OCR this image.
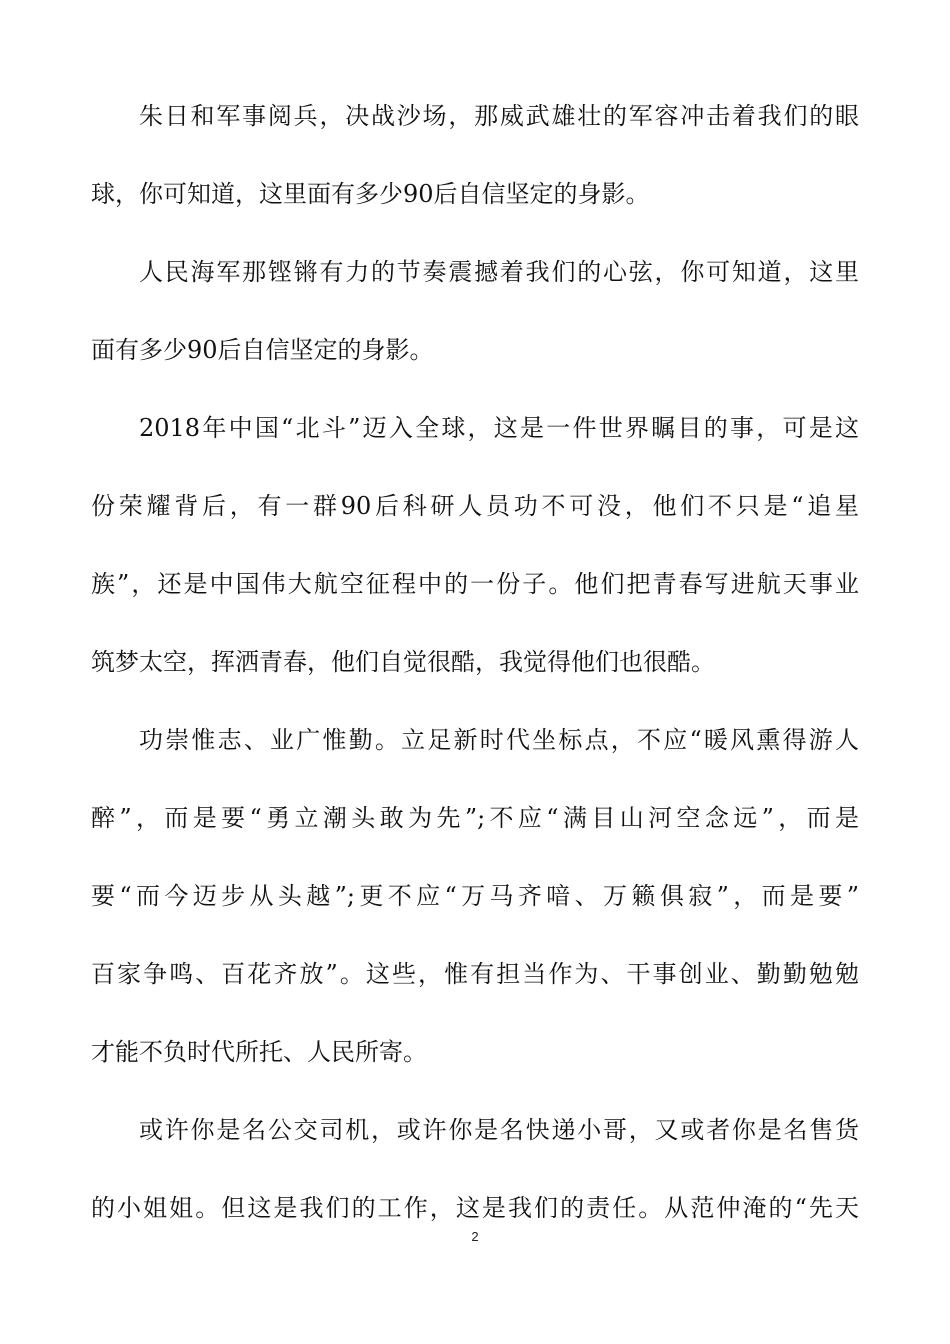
朱日和军事阅兵，决战沙场，那威武雄壮的军容冲击着我们的眼
球，你可知道，这里面有多少90后自信坚定的身影。
人民海军那铿锵有力的节奏震撼着我们的心弦，你可知道，这里
面有多少90后自信坚定的身影。
2018年中国“北斗”迈入全球，这是一件世界瞩目的事，可是这
份荣耀背后，有一群90后科研人员功不可没，他们不只是“追星
族”，还是中国伟大航空征程中的一份子。他们把青春写进航天事业
筑梦太空，挥洒青春，他们自觉很酷，我觉得他们也很酷。
功崇惟志、业广惟勤。立足新时代坐标点，不应“暖风熏得游人
醉”，而是要“勇立潮头敢为先”;不应“满目山河空念远”，而是
要“而今迈步从头越”;更不应“万马齐喑、万籁俱寂”，而是要”
百家争鸣、百花齐放”。这些，惟有担当作为、干事创业、勤勤勉勉
才能不负时代所托、人民所寄。
或许你是名公交司机，或许你是名快递小哥，又或者你是名售货
的小姐姐。但这是我们的工作，这是我们的责任。从范仲淹的“先天
2
